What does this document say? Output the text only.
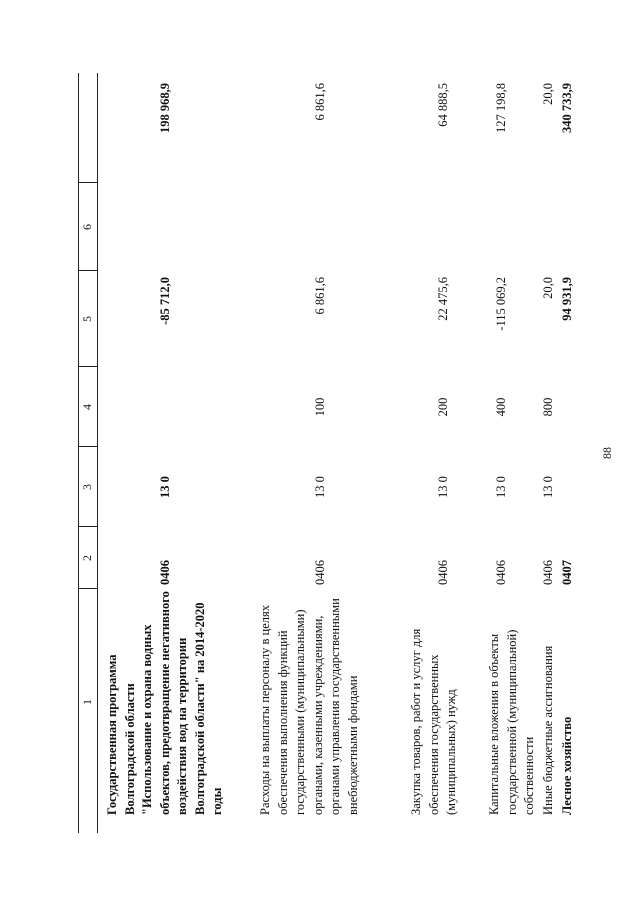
88
1
2
3
4
5
6
Государственная программа Волгоградской области "Использование и охрана водных объектов, предотвращение негативного воздействия вод на территории Волгоградской области" на 2014-2020 годы
0406
13 0
-85 712,0
198 968,9
Расходы на выплаты персоналу в целях обеспечения выполнения функций государственными (муниципальными) органами, казенными учреждениями, органами управления государственными внебюджетными фондами
0406
13 0
100
6 861,6
6 861,6
Закупка товаров, работ и услуг для обеспечения государственных (муниципальных) нужд
0406
13 0
200
22 475,6
64 888,5
Капитальные вложения в объекты государственной (муниципальной) собственности
0406
13 0
400
-115 069,2
127 198,8
Иные бюджетные ассигнования
0406
13 0
800
20,0
20,0
Лесное хозяйство
0407
94 931,9
340 733,9
